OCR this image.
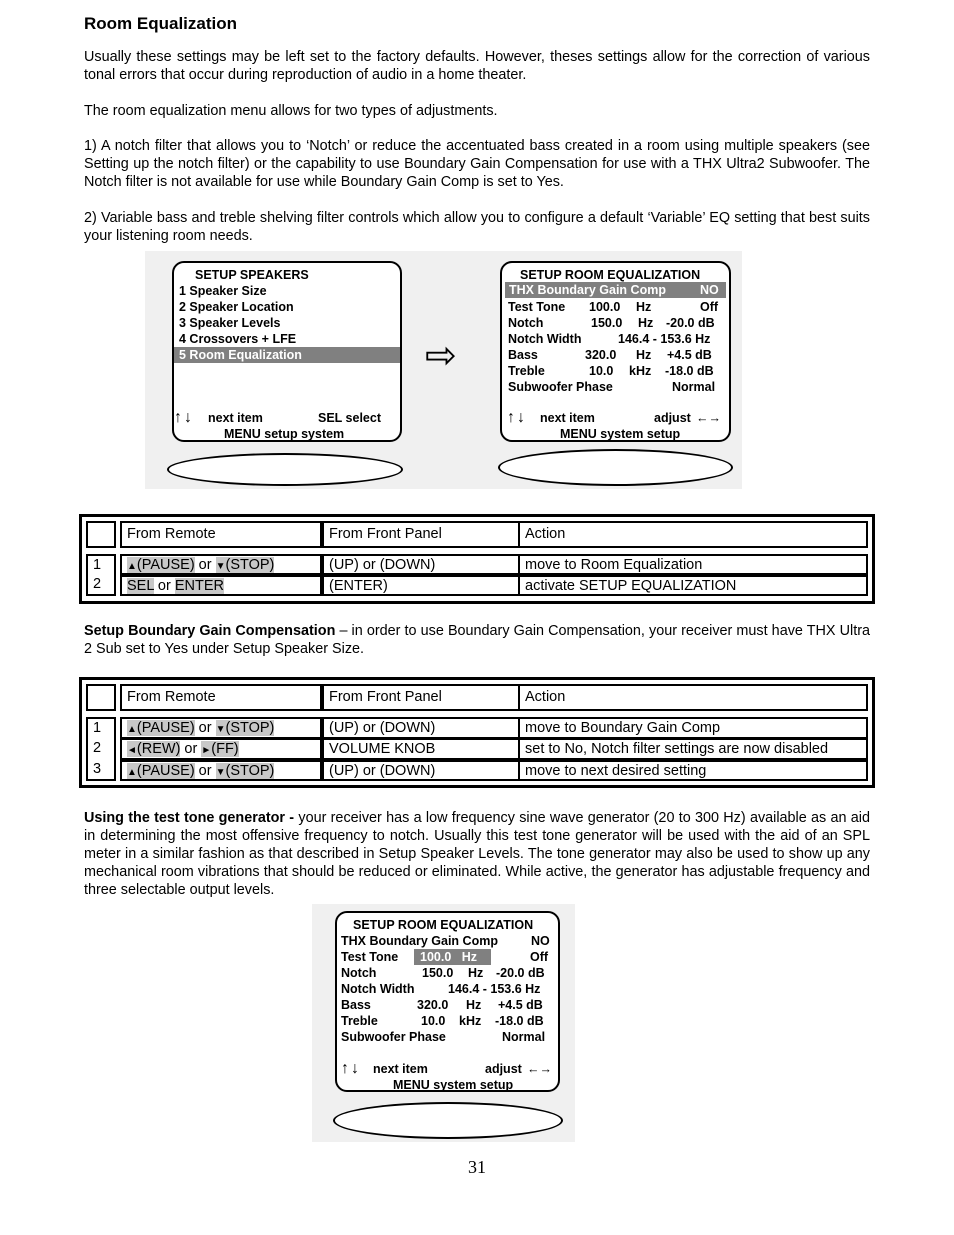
Room Equalization
Usually these settings may be left set to the factory defaults. However, theses settings allow for the correction of various tonal errors that occur during reproduction of audio in a home theater.
The room equalization menu allows for two types of adjustments.
1) A notch filter that allows you to ‘Notch’ or reduce the accentuated bass created in a room using multiple speakers (see Setting up the notch filter) or the capability to use Boundary Gain Compensation for use with a THX Ultra2 Subwoofer. The Notch filter is not available for use while Boundary Gain Comp is set to Yes.
2) Variable bass and treble shelving filter controls which allow you to configure a default ‘Variable’ EQ setting that best suits your listening room needs.
SETUP SPEAKERS
1 Speaker Size
2 Speaker Location
3 Speaker Levels
4 Crossovers + LFE
5 Room Equalization
↑↓ next item	SEL select
MENU setup system
⇨
SETUP ROOM EQUALIZATION
THX Boundary Gain Comp	NO
Test Tone 100.0 Hz	Off
Notch	150.0 Hz -20.0 dB
Notch Width	146.4 - 153.6 Hz
Bass	320.0 Hz +4.5 dB
Treble	10.0 kHz -18.0 dB
Subwoofer Phase	Normal
↑↓ next item	adjust ←→
MENU system setup
From Remote	From Front Panel	Action
1
2
▲(PAUSE) or ▼(STOP)	(UP) or (DOWN)	move to Room Equalization
SEL or ENTER	(ENTER)	activate SETUP EQUALIZATION
Setup Boundary Gain Compensation – in order to use Boundary Gain Compensation, your receiver must have THX Ultra 2 Sub set to Yes under Setup Speaker Size.
From Remote	From Front Panel	Action
1
2
3
▲(PAUSE) or ▼(STOP)	(UP) or (DOWN)	move to Boundary Gain Comp
◄(REW) or ►(FF)	VOLUME KNOB	set to No, Notch filter settings are now disabled
▲(PAUSE) or ▼(STOP)	(UP) or (DOWN)	move to next desired setting
Using the test tone generator - your receiver has a low frequency sine wave generator (20 to 300 Hz) available as an aid in determining the most offensive frequency to notch. Usually this test tone generator will be used with the aid of an SPL meter in a similar fashion as that described in Setup Speaker Levels. The tone generator may also be used to show up any mechanical room vibrations that should be reduced or eliminated. While active, the generator has adjustable frequency and three selectable output levels.
SETUP ROOM EQUALIZATION
THX Boundary Gain Comp	NO
Test Tone	100.0 Hz	Off
Notch	150.0 Hz -20.0 dB
Notch Width	146.4 - 153.6 Hz
Bass	320.0 Hz +4.5 dB
Treble	10.0 kHz -18.0 dB
Subwoofer Phase	Normal
↑↓ next item	adjust ←→
MENU system setup
31
